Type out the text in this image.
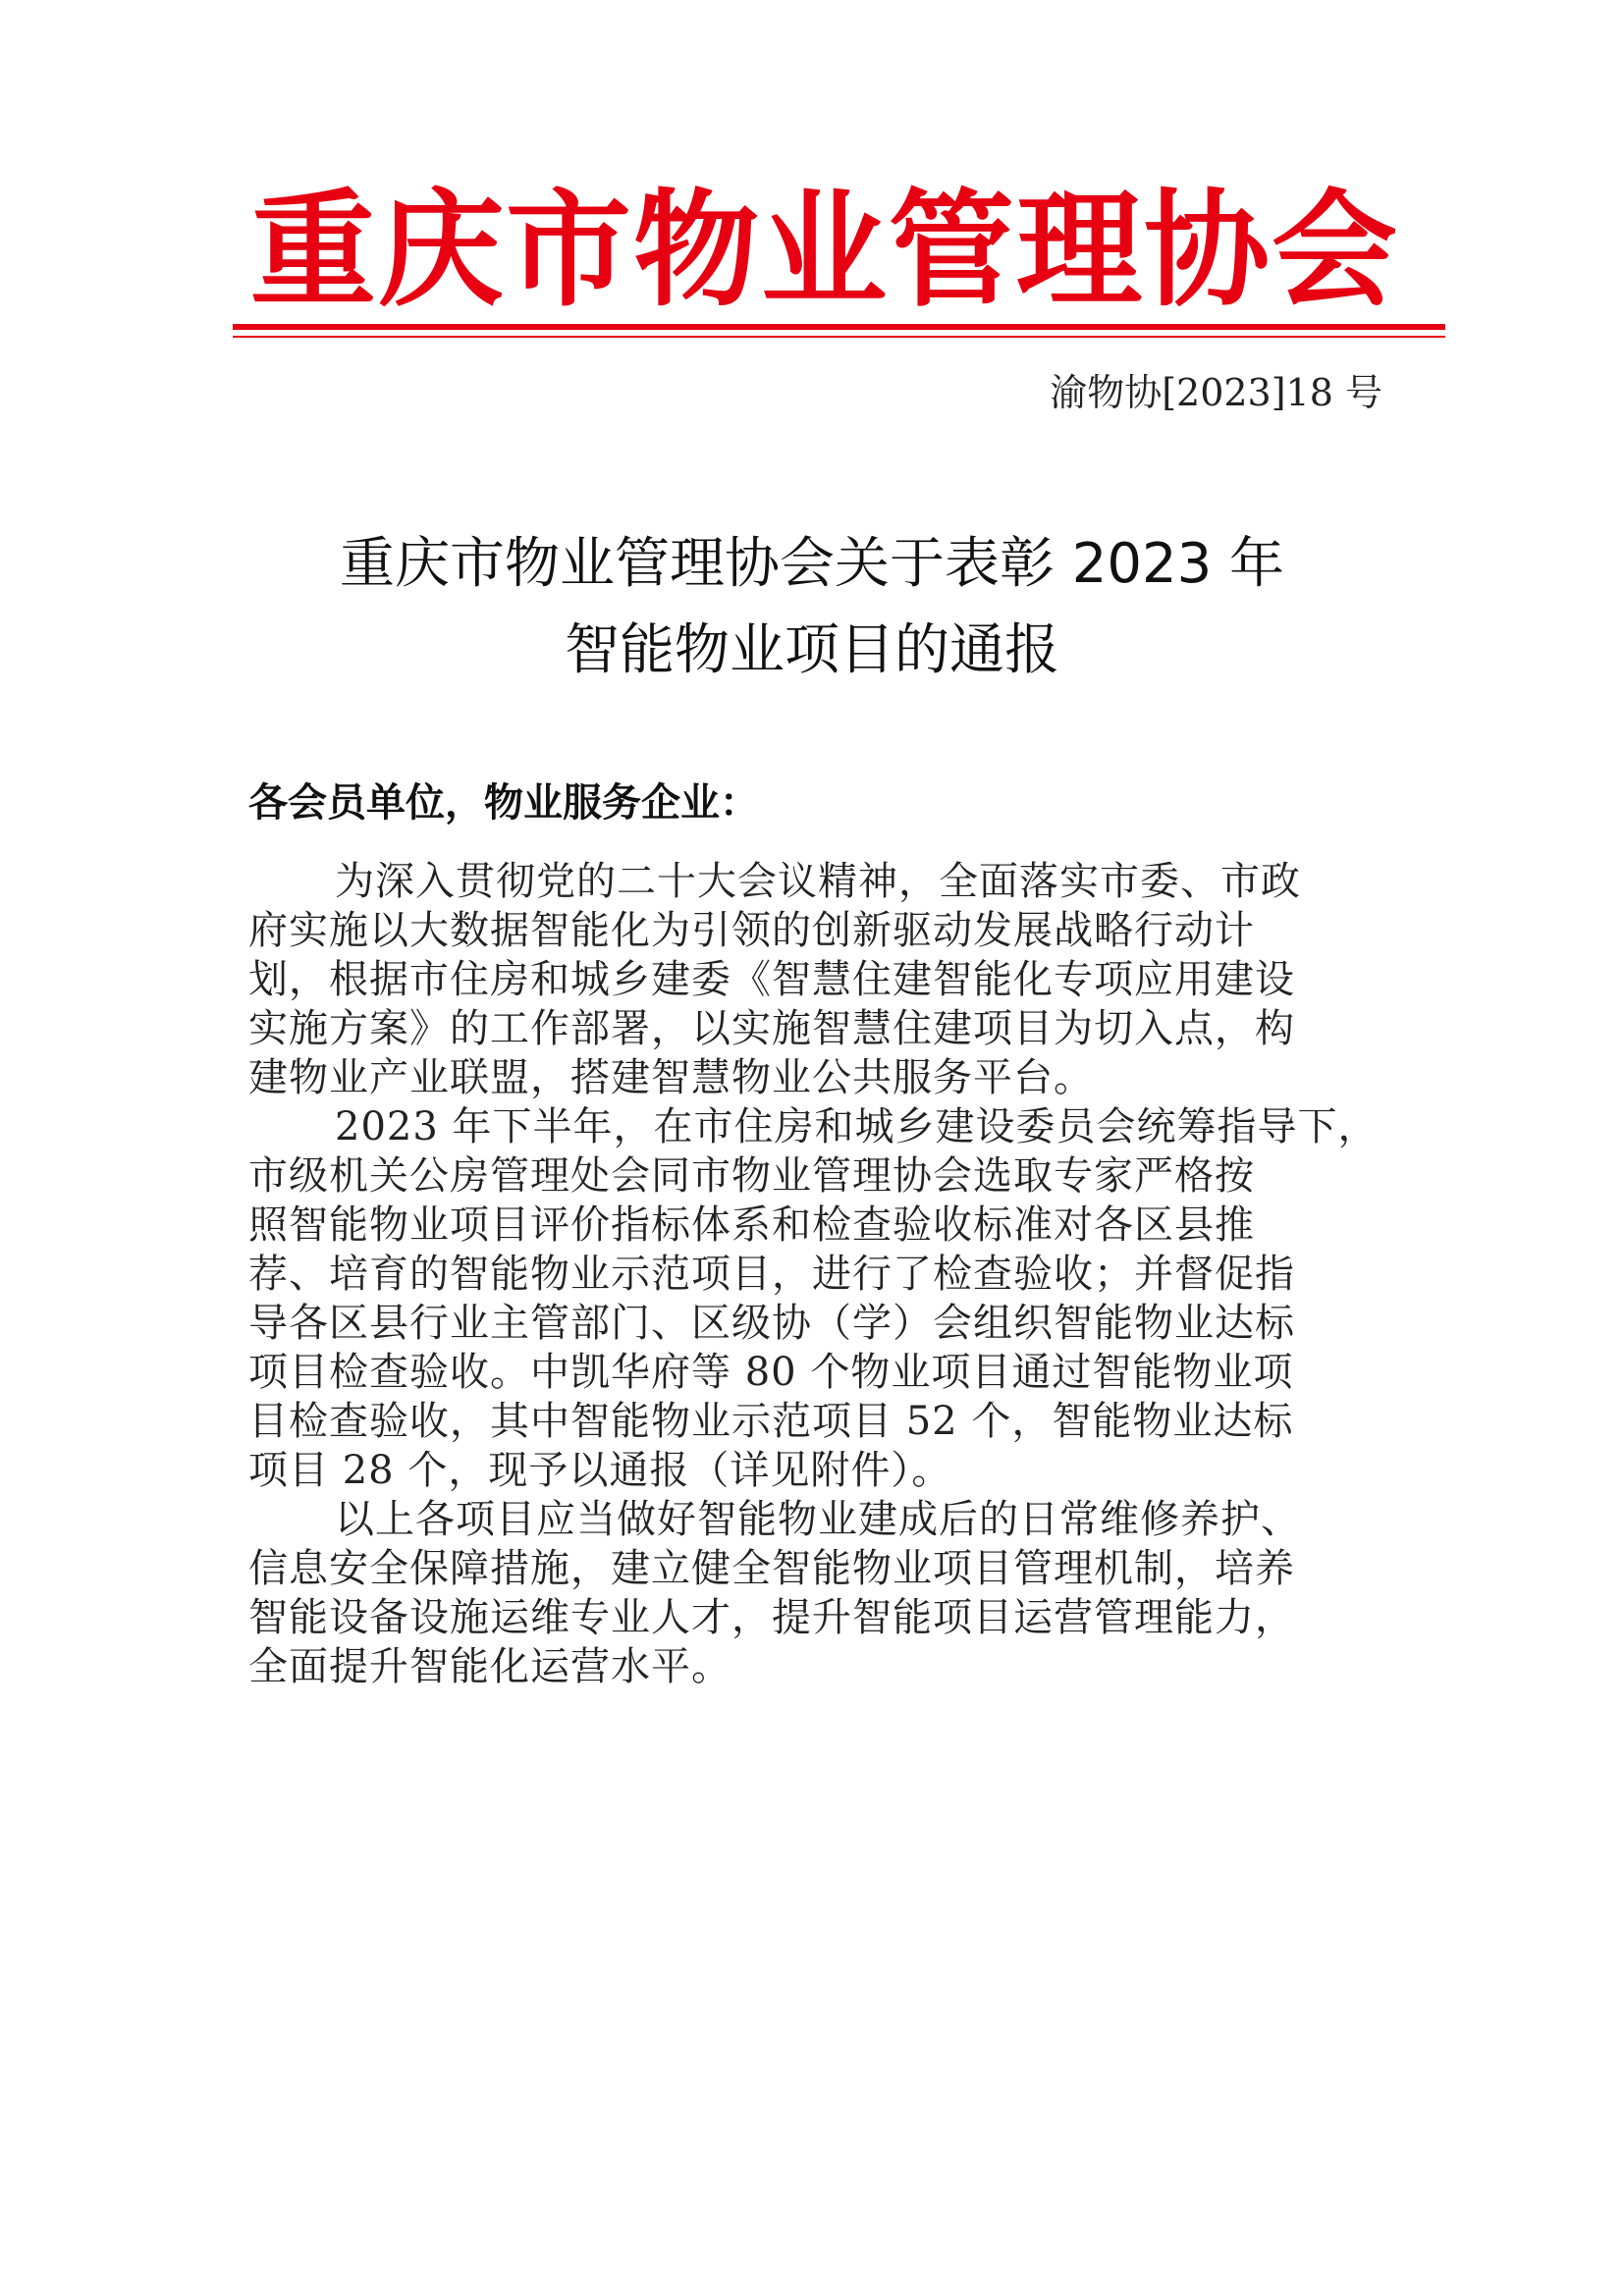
重庆市物业管理协会
渝物协[2023]18 号
重庆市物业管理协会关于表彰 2023 年
智能物业项目的通报
各会员单位，物业服务企业：
为深入贯彻党的二十大会议精神，全面落实市委、市政
府实施以大数据智能化为引领的创新驱动发展战略行动计
划，根据市住房和城乡建委《智慧住建智能化专项应用建设
实施方案》的工作部署，以实施智慧住建项目为切入点，构
建物业产业联盟，搭建智慧物业公共服务平台。
2023 年下半年，在市住房和城乡建设委员会统筹指导下，
市级机关公房管理处会同市物业管理协会选取专家严格按
照智能物业项目评价指标体系和检查验收标准对各区县推
荐、培育的智能物业示范项目，进行了检查验收；并督促指
导各区县行业主管部门、区级协（学）会组织智能物业达标
项目检查验收。中凯华府等 80 个物业项目通过智能物业项
目检查验收，其中智能物业示范项目 52 个，智能物业达标
项目 28 个，现予以通报（详见附件）。
以上各项目应当做好智能物业建成后的日常维修养护、
信息安全保障措施，建立健全智能物业项目管理机制，培养
智能设备设施运维专业人才，提升智能项目运营管理能力，
全面提升智能化运营水平。
